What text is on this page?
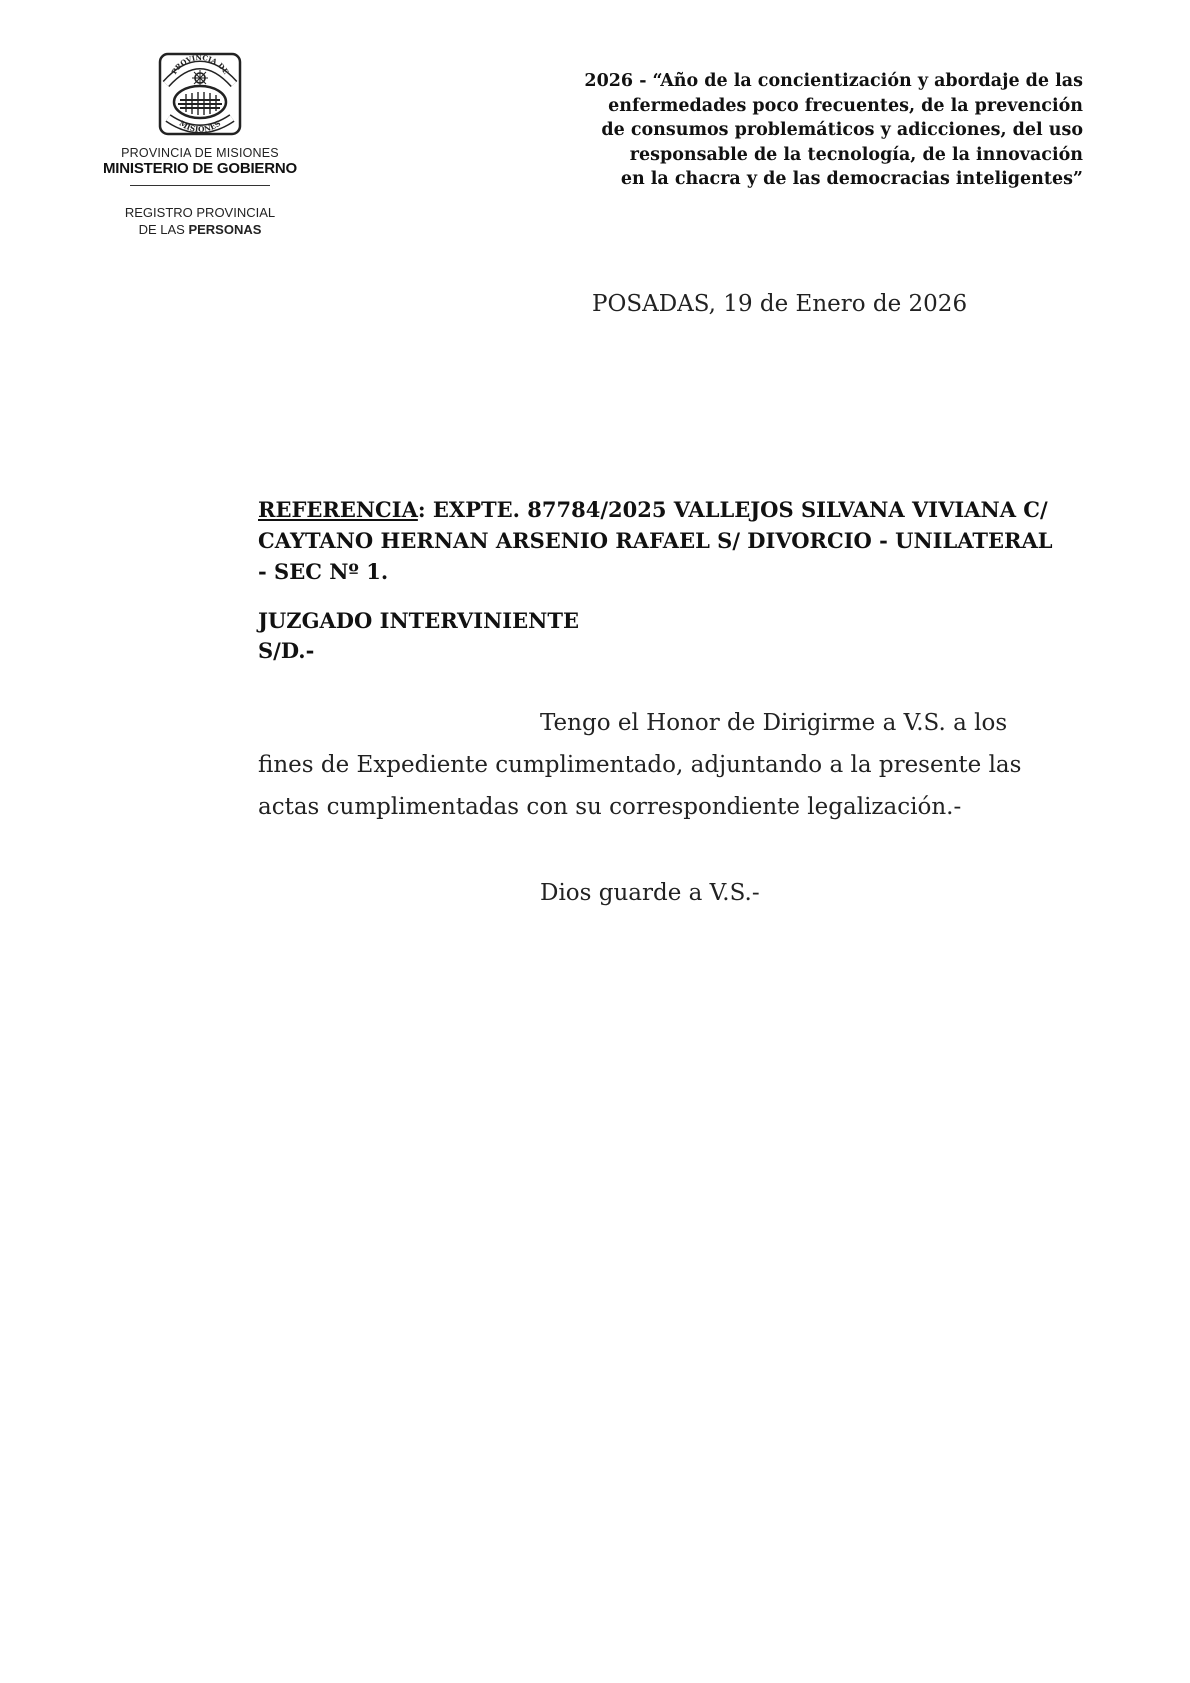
PROVINCIA DE
MISIONES
PROVINCIA DE MISIONES
MINISTERIO DE GOBIERNO
REGISTRO PROVINCIAL
DE LAS PERSONAS
2026 - “Año de la concientización y abordaje de las
enfermedades poco frecuentes, de la prevención
de consumos problemáticos y adicciones, del uso
responsable de la tecnología, de la innovación
en la chacra y de las democracias inteligentes”
POSADAS, 19 de Enero de 2026
REFERENCIA: EXPTE. 87784/2025 VALLEJOS SILVANA VIVIANA C/
CAYTANO HERNAN ARSENIO RAFAEL S/ DIVORCIO - UNILATERAL
- SEC Nº 1.
JUZGADO INTERVINIENTE
S/D.-
Tengo el Honor de Dirigirme a V.S. a los
fines de Expediente cumplimentado, adjuntando a la presente las
actas cumplimentadas con su correspondiente legalización.-
Dios guarde a V.S.-
